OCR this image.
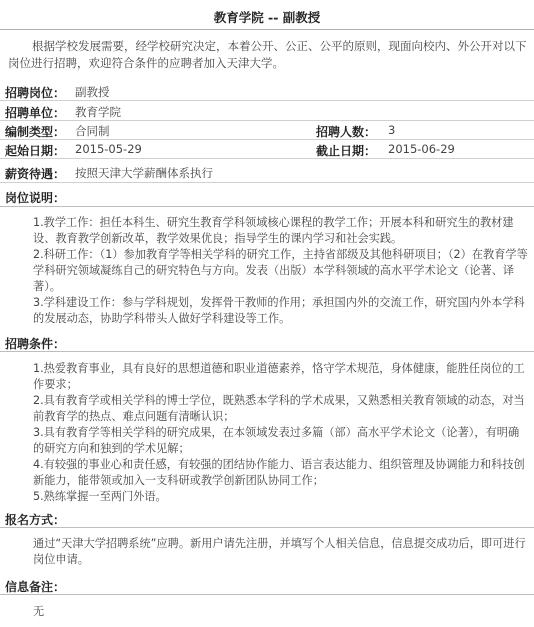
教育学院 -- 副教授
根据学校发展需要，经学校研究决定，本着公开、公正、公平的原则，现面向校内、外公开对以下岗位进行招聘，欢迎符合条件的应聘者加入天津大学。
招聘岗位： 副教授
招聘单位： 教育学院
编制类型： 合同制	招聘人数： 3
起始日期： 2015-05-29	截止日期： 2015-06-29
薪资待遇： 按照天津大学薪酬体系执行
岗位说明：

1.教学工作：担任本科生、研究生教育学科领域核心课程的教学工作；开展本科和研究生的教材建设、教育教学创新改革，教学效果优良；指导学生的课内学习和社会实践。

2.科研工作：（1）参加教育学等相关学科的研究工作，主持省部级及其他科研项目；（2）在教育学等学科研究领域凝练自己的研究特色与方向。发表（出版）本学科领域的高水平学术论文（论著、译著）。

3.学科建设工作：参与学科规划，发挥骨干教师的作用；承担国内外的交流工作，研究国内外本学科的发展动态，协助学科带头人做好学科建设等工作。

招聘条件：

1.热爱教育事业，具有良好的思想道德和职业道德素养，恪守学术规范，身体健康，能胜任岗位的工作要求；

2.具有教育学或相关学科的博士学位，既熟悉本学科的学术成果，又熟悉相关教育领域的动态，对当前教育学的热点、难点问题有清晰认识；

3.具有教育学等相关学科的研究成果，在本领域发表过多篇（部）高水平学术论文（论著），有明确的研究方向和独到的学术见解；

4.有较强的事业心和责任感，有较强的团结协作能力、语言表达能力、组织管理及协调能力和科技创新能力，能带领或加入一支科研或教学创新团队协同工作；

5.熟练掌握一至两门外语。

报名方式：
通过“天津大学招聘系统”应聘。新用户请先注册，并填写个人相关信息，信息提交成功后，即可进行岗位申请。
信息备注：
无
